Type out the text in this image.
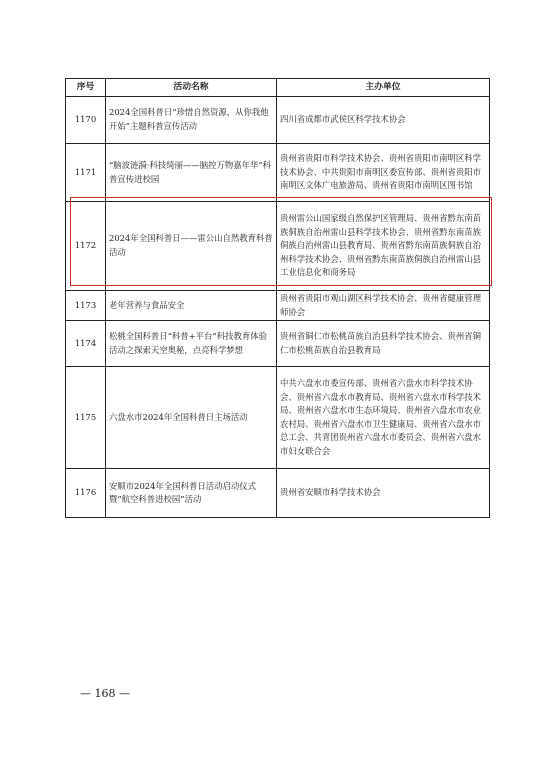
序号	活动名称	主办单位
1170	2024全国科普日“珍惜自然资源，从你我他开始”主题科普宣传活动	四川省成都市武侯区科学技术协会
1171	“脑波涟漪·科技绮丽——脑控万物嘉年华”科普宣传进校园	贵州省贵阳市科学技术协会、贵州省贵阳市南明区科学技术协会、中共贵阳市南明区委宣传部、贵州省贵阳市南明区文体广电旅游局、贵州省贵阳市南明区图书馆
1172	2024年全国科普日——雷公山自然教育科普活动	贵州雷公山国家级自然保护区管理局、贵州省黔东南苗族侗族自治州雷山县科学技术协会、贵州省黔东南苗族侗族自治州雷山县教育局、贵州省黔东南苗族侗族自治州科学技术协会、贵州省黔东南苗族侗族自治州雷山县工业信息化和商务局
1173	老年营养与食品安全	贵州省贵阳市观山湖区科学技术协会、贵州省健康管理师协会
1174	松桃全国科普日“科普+平台”科技教育体验活动之探索天空奥秘，点亮科学梦想	贵州省铜仁市松桃苗族自治县科学技术协会、贵州省铜仁市松桃苗族自治县教育局
1175	六盘水市2024年全国科普日主场活动	中共六盘水市委宣传部、贵州省六盘水市科学技术协会、贵州省六盘水市教育局、贵州省六盘水市科学技术局、贵州省六盘水市生态环境局、贵州省六盘水市农业农村局、贵州省六盘水市卫生健康局、贵州省六盘水市总工会、共青团贵州省六盘水市委员会、贵州省六盘水市妇女联合会
1176	安顺市2024年全国科普日活动启动仪式暨“航空科普进校园”活动	贵州省安顺市科学技术协会
— 168 —
